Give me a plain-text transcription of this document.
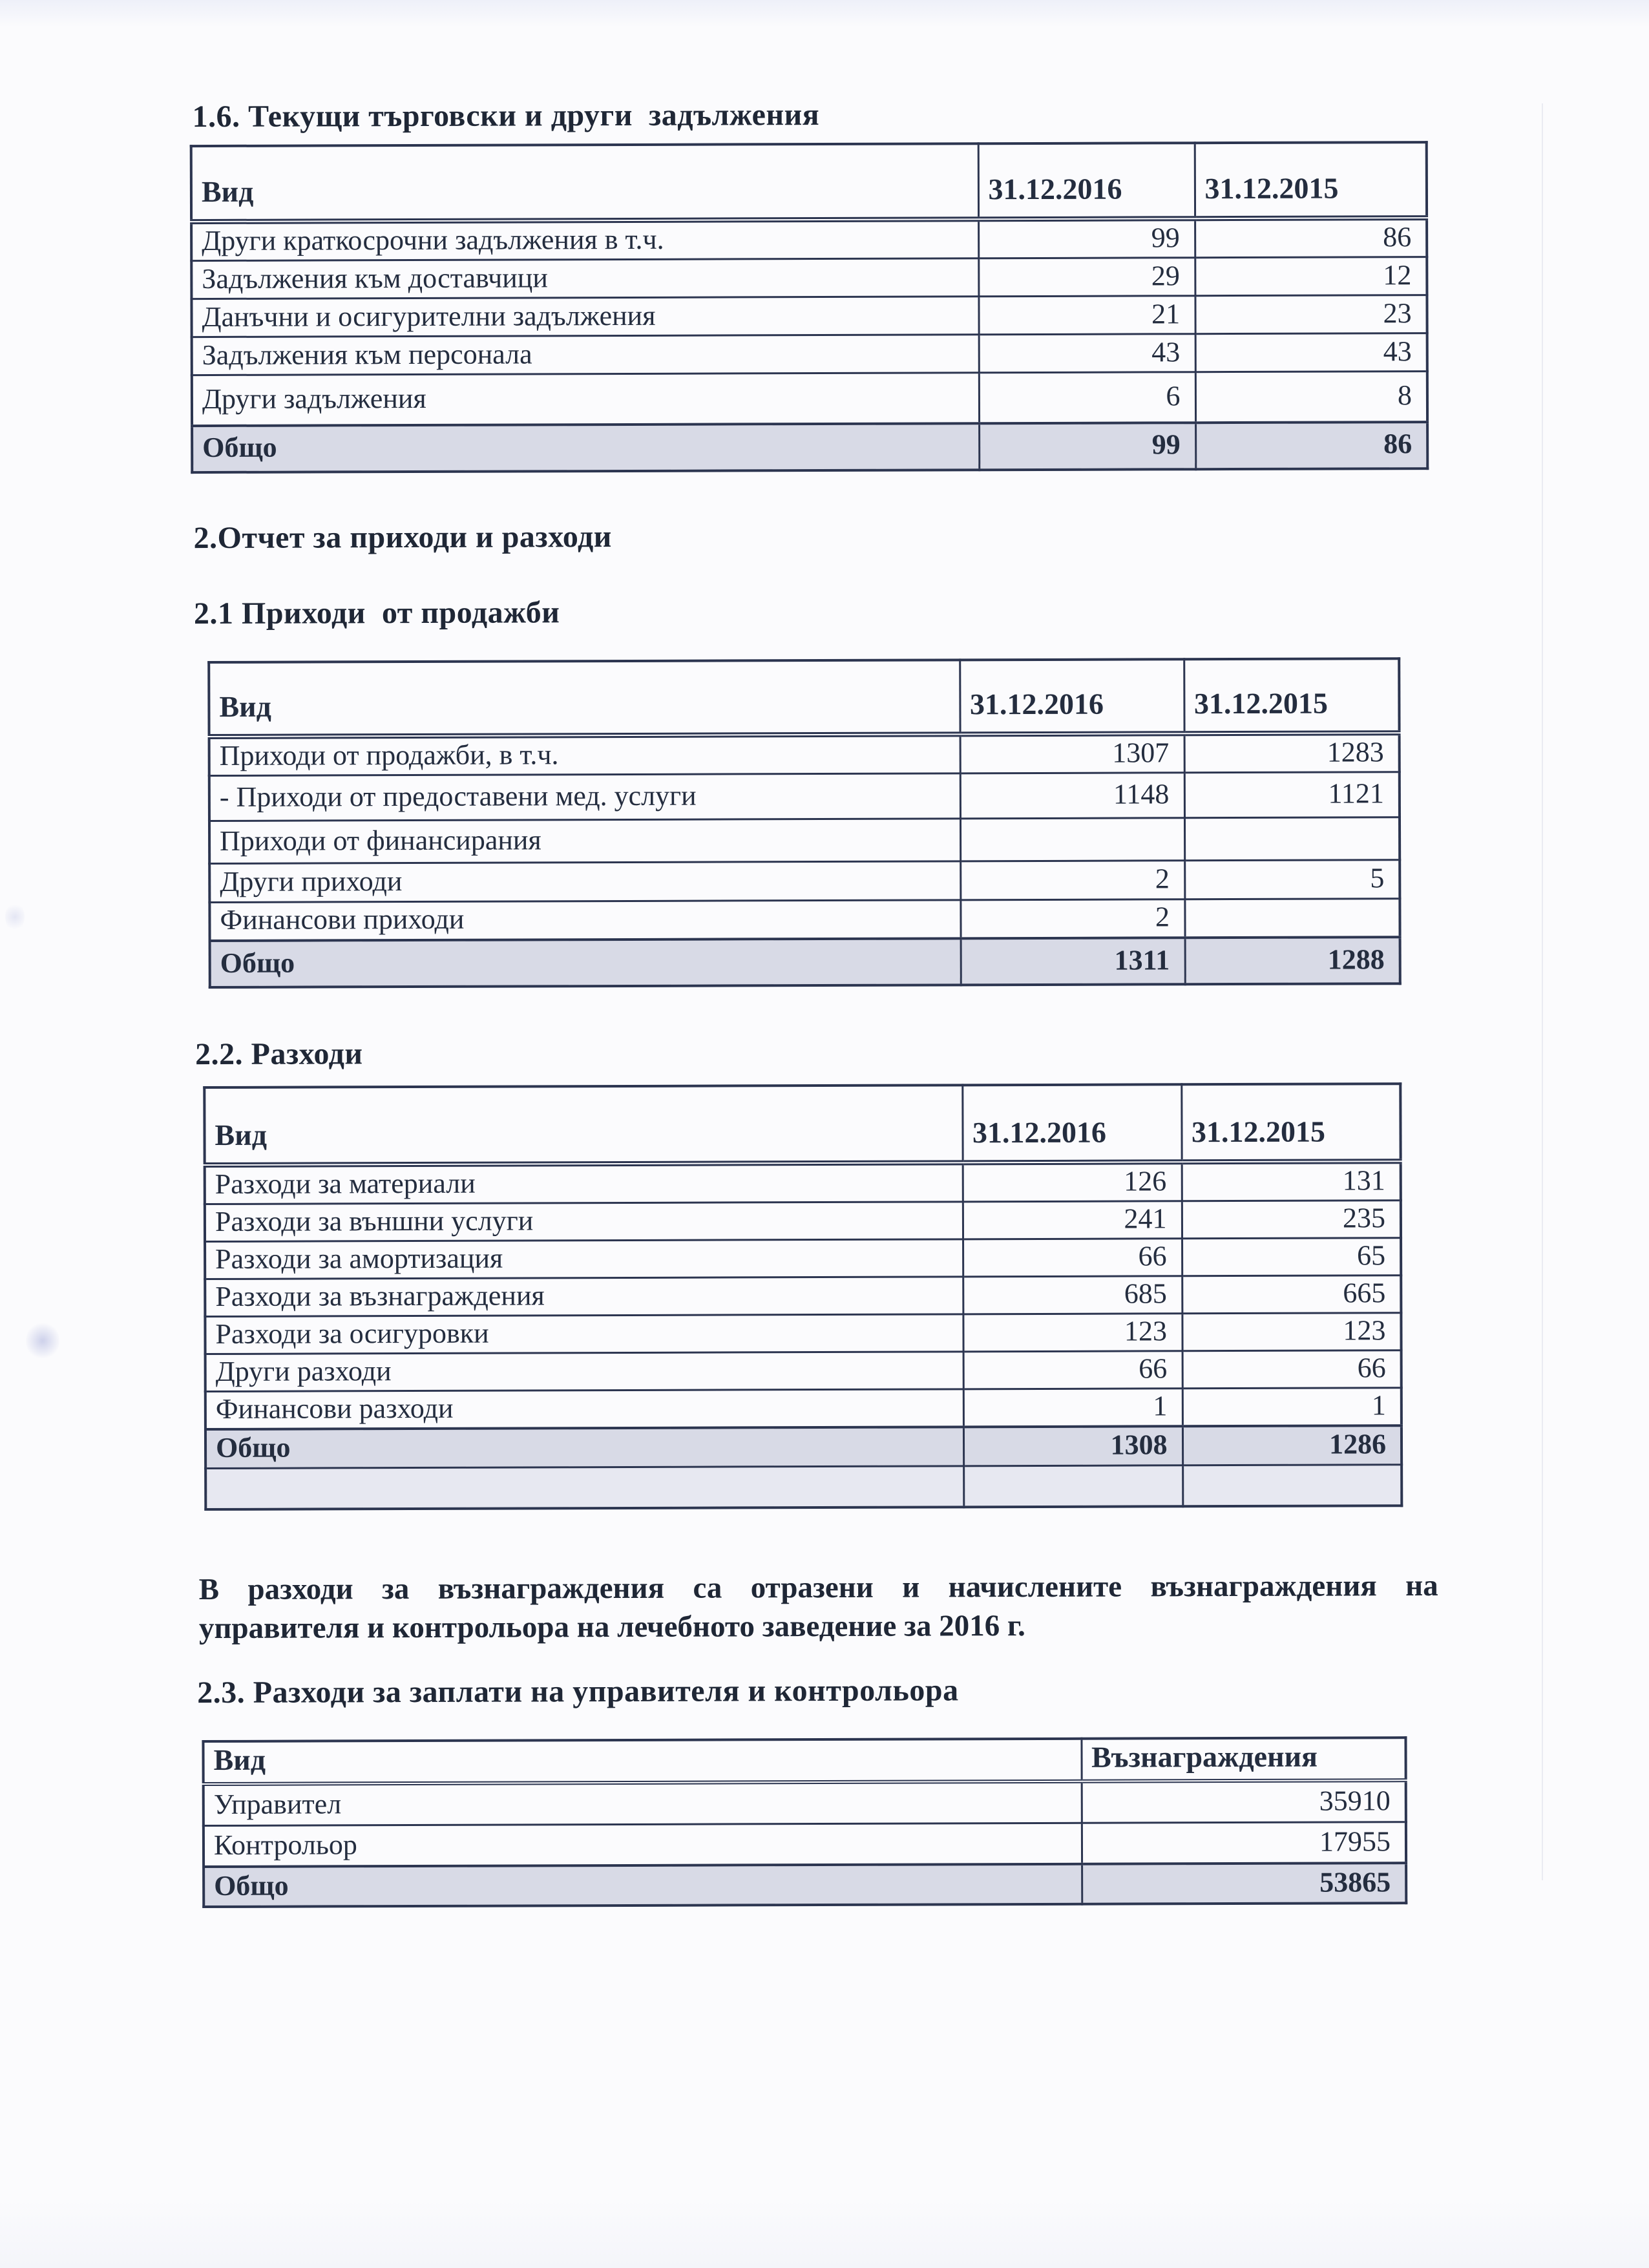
1.6. Текущи търговски и други  задължения
Вид	31.12.2016	31.12.2015
Други краткосрочни задължения в т.ч.	99	86
Задължения към доставчици	29	12
Данъчни и осигурителни задължения	21	23
Задължения към персонала	43	43
Други задължения	6	8
Общо	99	86
2.Отчет за приходи и разходи
2.1 Приходи  от продажби
Вид	31.12.2016	31.12.2015
Приходи от продажби, в т.ч.	1307	1283
- Приходи от предоставени мед. услуги	1148	1121
Приходи от финансирания		
Други приходи	2	5
Финансови приходи	2	
Общо	1311	1288
2.2. Разходи
Вид	31.12.2016	31.12.2015
Разходи за материали	126	131
Разходи за външни услуги	241	235
Разходи за амортизация	66	65
Разходи за възнаграждения	685	665
Разходи за осигуровки	123	123
Други разходи	66	66
Финансови разходи	1	1
Общо	1308	1286

В разходи за възнаграждения са отразени и начислените възнаграждения на
управителя и контрольора на лечебното заведение за 2016 г.
2.3. Разходи за заплати на управителя и контрольора
Вид	Възнаграждения
Управител	35910
Контрольор	17955
Общо	53865
